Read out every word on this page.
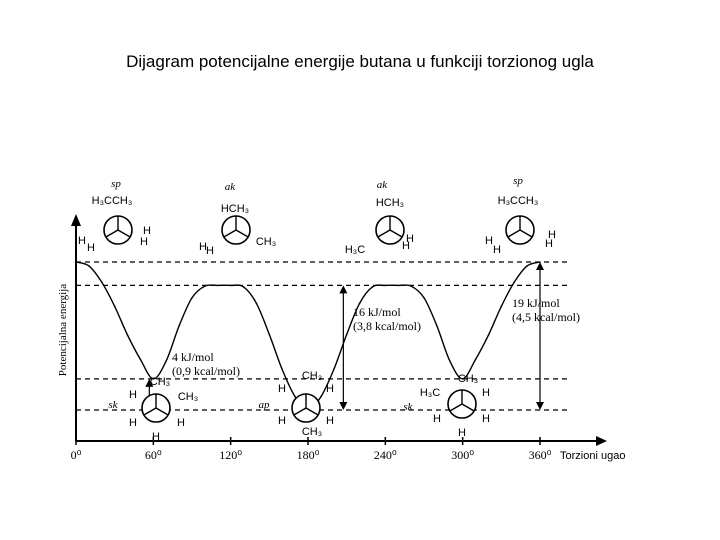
Dijagram potencijalne energije butana u funkciji torzionog ugla
0⁰	60⁰	120⁰	180⁰	240⁰	300⁰	360⁰ Torzioni ugao
Potencijalna energija	16 kJ/mol
(3,8 kcal/mol)
19 kJ/mol
(4,5 kcal/mol)
4 kJ/mol
(0,9 kcal/mol)
sp
H₃CCH₃
H
H
H
H
ak
HCH₃
H H
CH₃
ak
HCH₃
H
H
H₃C
sp
H₃CCH₃
H
H
H
H
sk
CH₃
CH₃
H
H	H
H
ap
CH₃
H	H
H	H
CH₃
sk
CH₃
H₃C	H
H	H
H
